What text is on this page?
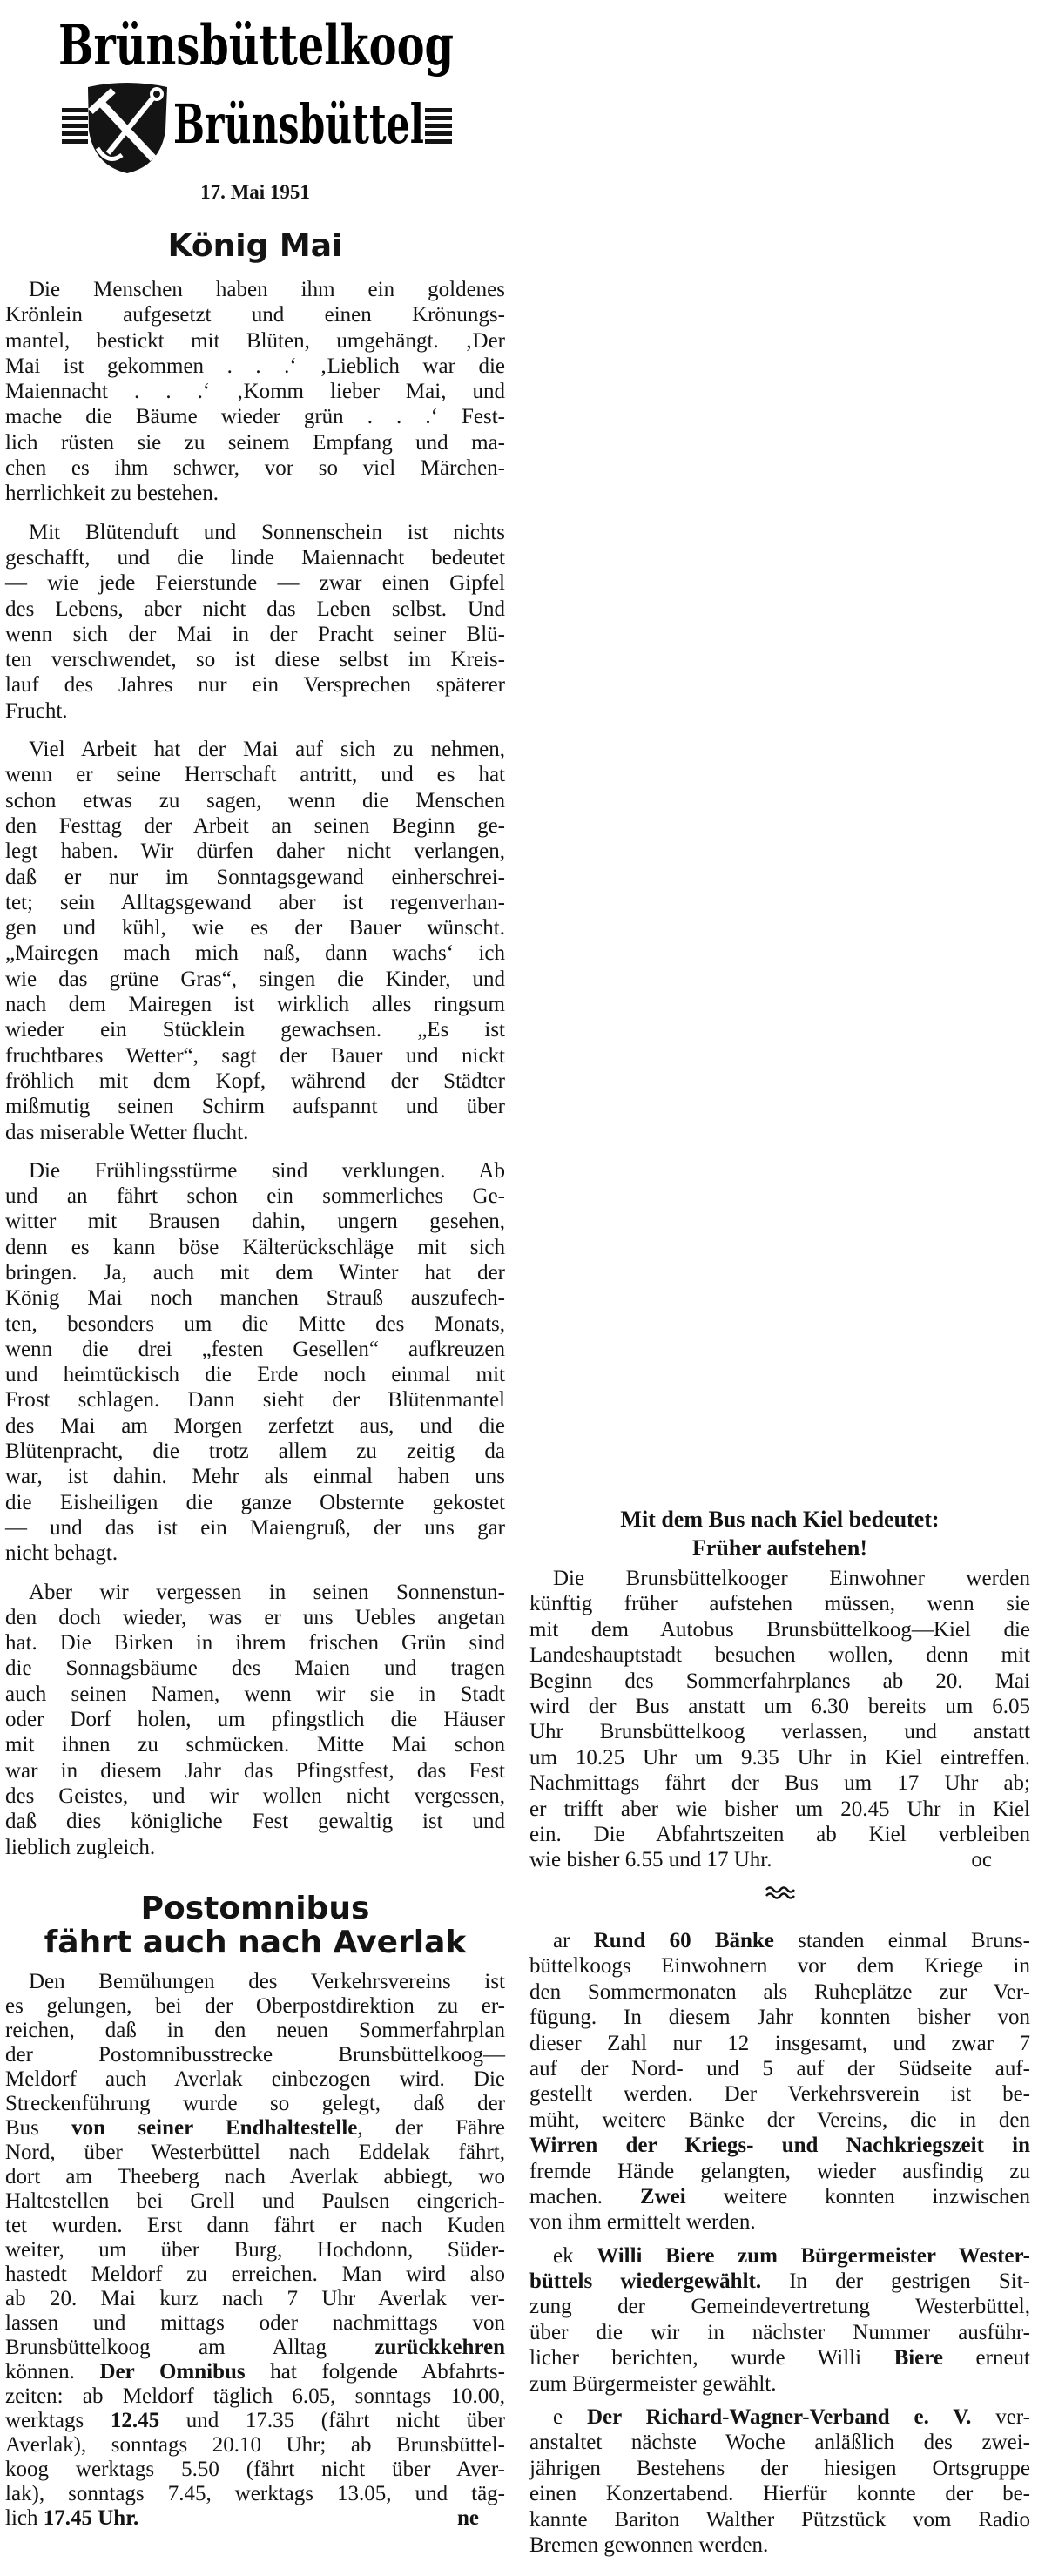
Brünsbüttelkoog
Brünsbüttel
17. Mai 1951
König Mai
Die Menschen haben ihm ein goldenes
Krönlein aufgesetzt und einen Krönungs-
mantel, bestickt mit Blüten, umgehängt. ‚Der
Mai ist gekommen . . .‘ ‚Lieblich war die
Maiennacht . . .‘ ‚Komm lieber Mai, und
mache die Bäume wieder grün . . .‘ Fest-
lich rüsten sie zu seinem Empfang und ma-
chen es ihm schwer, vor so viel Märchen-
herrlichkeit zu bestehen.
Mit Blütenduft und Sonnenschein ist nichts
geschafft, und die linde Maiennacht bedeutet
— wie jede Feierstunde — zwar einen Gipfel
des Lebens, aber nicht das Leben selbst. Und
wenn sich der Mai in der Pracht seiner Blü-
ten verschwendet, so ist diese selbst im Kreis-
lauf des Jahres nur ein Versprechen späterer
Frucht.
Viel Arbeit hat der Mai auf sich zu nehmen,
wenn er seine Herrschaft antritt, und es hat
schon etwas zu sagen, wenn die Menschen
den Festtag der Arbeit an seinen Beginn ge-
legt haben. Wir dürfen daher nicht verlangen,
daß er nur im Sonntagsgewand einherschrei-
tet; sein Alltagsgewand aber ist regenverhan-
gen und kühl, wie es der Bauer wünscht.
„Mairegen mach mich naß, dann wachs‘ ich
wie das grüne Gras“, singen die Kinder, und
nach dem Mairegen ist wirklich alles ringsum
wieder ein Stücklein gewachsen. „Es ist
fruchtbares Wetter“, sagt der Bauer und nickt
fröhlich mit dem Kopf, während der Städter
mißmutig seinen Schirm aufspannt und über
das miserable Wetter flucht.
Die Frühlingsstürme sind verklungen. Ab
und an fährt schon ein sommerliches Ge-
witter mit Brausen dahin, ungern gesehen,
denn es kann böse Kälterückschläge mit sich
bringen. Ja, auch mit dem Winter hat der
König Mai noch manchen Strauß auszufech-
ten, besonders um die Mitte des Monats,
wenn die drei „festen Gesellen“ aufkreuzen
und heimtückisch die Erde noch einmal mit
Frost schlagen. Dann sieht der Blütenmantel
des Mai am Morgen zerfetzt aus, und die
Blütenpracht, die trotz allem zu zeitig da
war, ist dahin. Mehr als einmal haben uns
die Eisheiligen die ganze Obsternte gekostet
— und das ist ein Maiengruß, der uns gar
nicht behagt.
Aber wir vergessen in seinen Sonnenstun-
den doch wieder, was er uns Uebles angetan
hat. Die Birken in ihrem frischen Grün sind
die Sonnagsbäume des Maien und tragen
auch seinen Namen, wenn wir sie in Stadt
oder Dorf holen, um pfingstlich die Häuser
mit ihnen zu schmücken. Mitte Mai schon
war in diesem Jahr das Pfingstfest, das Fest
des Geistes, und wir wollen nicht vergessen,
daß dies königliche Fest gewaltig ist und
lieblich zugleich.
Postomnibus
fährt auch nach Averlak
Den Bemühungen des Verkehrsvereins ist
es gelungen, bei der Oberpostdirektion zu er-
reichen, daß in den neuen Sommerfahrplan
der Postomnibusstrecke Brunsbüttelkoog—
Meldorf auch Averlak einbezogen wird. Die
Streckenführung wurde so gelegt, daß der
Bus von seiner Endhaltestelle, der Fähre
Nord, über Westerbüttel nach Eddelak fährt,
dort am Theeberg nach Averlak abbiegt, wo
Haltestellen bei Grell und Paulsen eingerich-
tet wurden. Erst dann fährt er nach Kuden
weiter, um über Burg, Hochdonn, Süder-
hastedt Meldorf zu erreichen. Man wird also
ab 20. Mai kurz nach 7 Uhr Averlak ver-
lassen und mittags oder nachmittags von
Brunsbüttelkoog am Alltag zurückkehren
können. Der Omnibus hat folgende Abfahrts-
zeiten: ab Meldorf täglich 6.05, sonntags 10.00,
werktags 12.45 und 17.35 (fährt nicht über
Averlak), sonntags 20.10 Uhr; ab Brunsbüttel-
koog werktags 5.50 (fährt nicht über Aver-
lak), sonntags 7.45, werktags 13.05, und täg-
lich 17.45 Uhr.	ne
Mit dem Bus nach Kiel bedeutet:
Früher aufstehen!
Die Brunsbüttelkooger Einwohner werden
künftig früher aufstehen müssen, wenn sie
mit dem Autobus Brunsbüttelkoog—Kiel die
Landeshauptstadt besuchen wollen, denn mit
Beginn des Sommerfahrplanes ab 20. Mai
wird der Bus anstatt um 6.30 bereits um 6.05
Uhr Brunsbüttelkoog verlassen, und anstatt
um 10.25 Uhr um 9.35 Uhr in Kiel eintreffen.
Nachmittags fährt der Bus um 17 Uhr ab;
er trifft aber wie bisher um 20.45 Uhr in Kiel
ein. Die Abfahrtszeiten ab Kiel verbleiben
wie bisher 6.55 und 17 Uhr.	oc
ar Rund 60 Bänke standen einmal Bruns-
büttelkoogs Einwohnern vor dem Kriege in
den Sommermonaten als Ruheplätze zur Ver-
fügung. In diesem Jahr konnten bisher von
dieser Zahl nur 12 insgesamt, und zwar 7
auf der Nord- und 5 auf der Südseite auf-
gestellt werden. Der Verkehrsverein ist be-
müht, weitere Bänke der Vereins, die in den
Wirren der Kriegs- und Nachkriegszeit in
fremde Hände gelangten, wieder ausfindig zu
machen. Zwei weitere konnten inzwischen
von ihm ermittelt werden.
ek Willi Biere zum Bürgermeister Wester-
büttels wiedergewählt. In der gestrigen Sit-
zung der Gemeindevertretung Westerbüttel,
über die wir in nächster Nummer ausführ-
licher berichten, wurde Willi Biere erneut
zum Bürgermeister gewählt.
e Der Richard-Wagner-Verband e. V. ver-
anstaltet nächste Woche anläßlich des zwei-
jährigen Bestehens der hiesigen Ortsgruppe
einen Konzertabend. Hierfür konnte der be-
kannte Bariton Walther Pützstück vom Radio
Bremen gewonnen werden.
